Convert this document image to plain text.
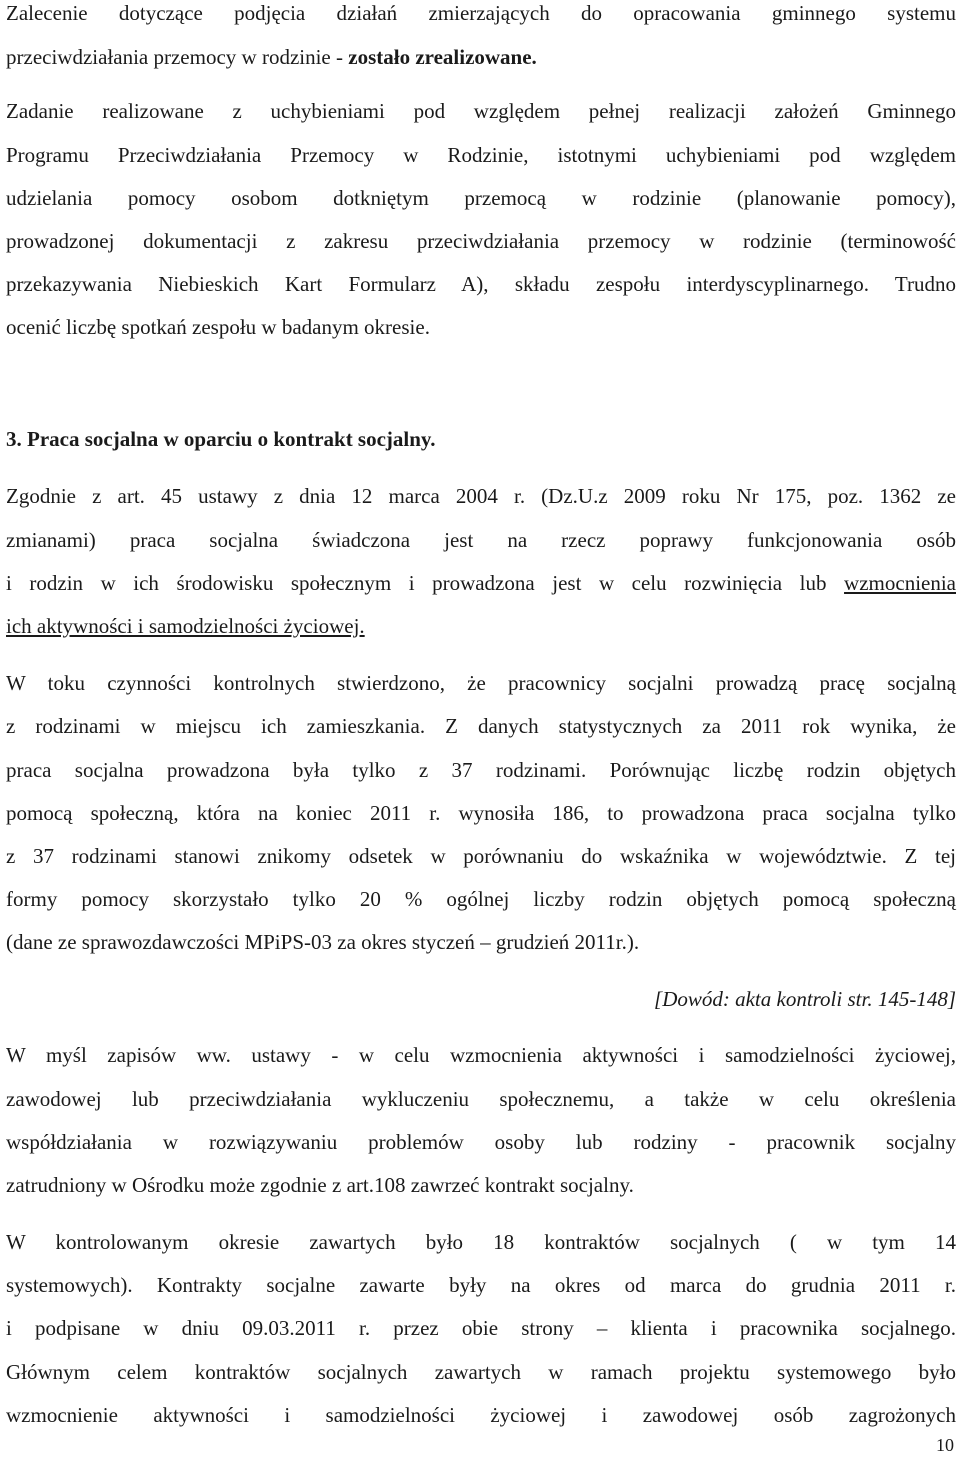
Zalecenie dotyczące podjęcia działań zmierzających do opracowania gminnego systemu
przeciwdziałania przemocy w rodzinie - zostało zrealizowane.
Zadanie realizowane z uchybieniami pod względem pełnej realizacji założeń Gminnego
Programu Przeciwdziałania Przemocy w Rodzinie, istotnymi uchybieniami pod względem
udzielania pomocy osobom dotkniętym przemocą w rodzinie (planowanie pomocy),
prowadzonej dokumentacji z zakresu przeciwdziałania przemocy w rodzinie (terminowość
przekazywania Niebieskich Kart Formularz A), składu zespołu interdyscyplinarnego. Trudno
ocenić liczbę spotkań zespołu w badanym okresie.
3. Praca socjalna w oparciu o kontrakt socjalny.
Zgodnie z art. 45 ustawy z dnia 12 marca 2004 r. (Dz.U.z 2009 roku Nr 175, poz. 1362 ze
zmianami) praca socjalna świadczona jest na rzecz poprawy funkcjonowania osób
i rodzin w ich środowisku społecznym i prowadzona jest w celu rozwinięcia lub wzmocnienia
ich aktywności i samodzielności życiowej.
W toku czynności kontrolnych stwierdzono, że pracownicy socjalni prowadzą pracę socjalną
z rodzinami w miejscu ich zamieszkania. Z danych statystycznych za 2011 rok wynika, że
praca socjalna prowadzona była tylko z 37 rodzinami. Porównując liczbę rodzin objętych
pomocą społeczną, która na koniec 2011 r. wynosiła 186, to prowadzona praca socjalna tylko
z 37 rodzinami stanowi znikomy odsetek w porównaniu do wskaźnika w województwie. Z tej
formy pomocy skorzystało tylko 20 % ogólnej liczby rodzin objętych pomocą społeczną
(dane ze sprawozdawczości MPiPS-03 za okres styczeń – grudzień 2011r.).
[Dowód: akta kontroli str. 145-148]
W myśl zapisów ww. ustawy - w celu wzmocnienia aktywności i samodzielności życiowej,
zawodowej lub przeciwdziałania wykluczeniu społecznemu, a także w celu określenia
współdziałania w rozwiązywaniu problemów osoby lub rodziny - pracownik socjalny
zatrudniony w Ośrodku może zgodnie z art.108 zawrzeć kontrakt socjalny.
W kontrolowanym okresie zawartych było 18 kontraktów socjalnych ( w tym 14
systemowych). Kontrakty socjalne zawarte były na okres od marca do grudnia 2011 r.
i podpisane w dniu 09.03.2011 r. przez obie strony – klienta i pracownika socjalnego.
Głównym celem kontraktów socjalnych zawartych w ramach projektu systemowego było
wzmocnienie aktywności i samodzielności życiowej i zawodowej osób zagrożonych
10
